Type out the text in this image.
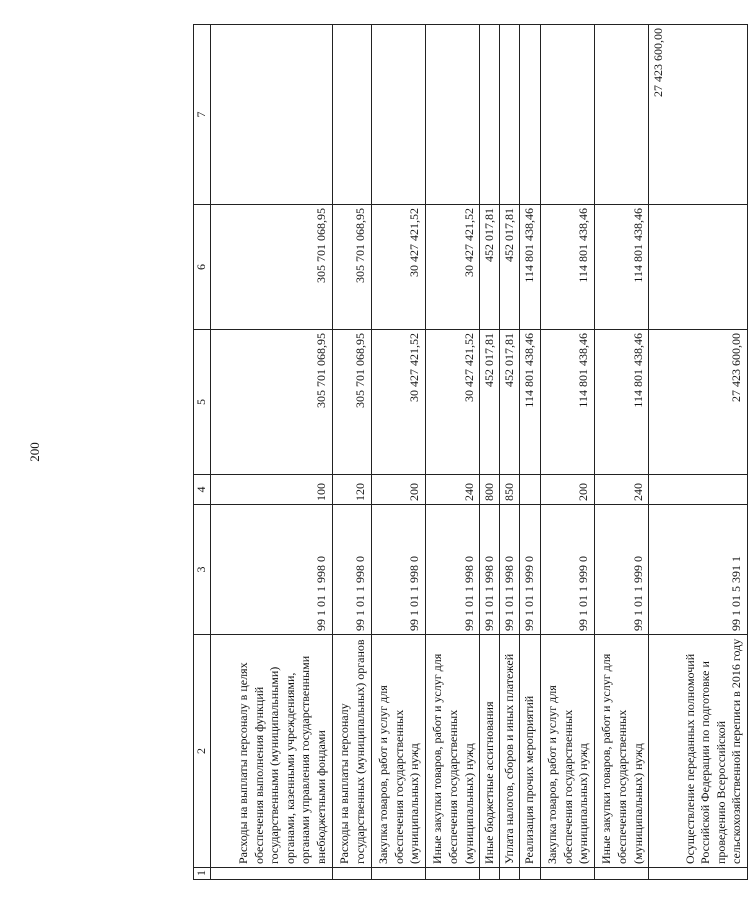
200
1	2	3	4	5	6	7
	Расходы на выплаты персоналу в целях обеспечения выполнения функций государственными (муниципальными) органами, казенными учреждениями, органами управления государственными внебюджетными фондами	99 1 01 1 998 0	100	305 701 068,95	305 701 068,95	
	Расходы на выплаты персоналу государственных (муниципальных) органов	99 1 01 1 998 0	120	305 701 068,95	305 701 068,95	
	Закупка товаров, работ и услуг для обеспечения государственных (муниципальных) нужд	99 1 01 1 998 0	200	30 427 421,52	30 427 421,52	
	Иные закупки товаров, работ и услуг для обеспечения государственных (муниципальных) нужд	99 1 01 1 998 0	240	30 427 421,52	30 427 421,52	
	Иные бюджетные ассигнования	99 1 01 1 998 0	800	452 017,81	452 017,81	
	Уплата налогов, сборов и иных платежей	99 1 01 1 998 0	850	452 017,81	452 017,81	
	Реализация прочих мероприятий	99 1 01 1 999 0		114 801 438,46	114 801 438,46	
	Закупка товаров, работ и услуг для обеспечения государственных (муниципальных) нужд	99 1 01 1 999 0	200	114 801 438,46	114 801 438,46	
	Иные закупки товаров, работ и услуг для обеспечения государственных (муниципальных) нужд	99 1 01 1 999 0	240	114 801 438,46	114 801 438,46	
	Осуществление переданных полномочий Российской Федерации по подготовке и проведению Всероссийской сельскохозяйственной переписи в 2016 году	99 1 01 5 391 1		27 423 600,00		27 423 600,00
